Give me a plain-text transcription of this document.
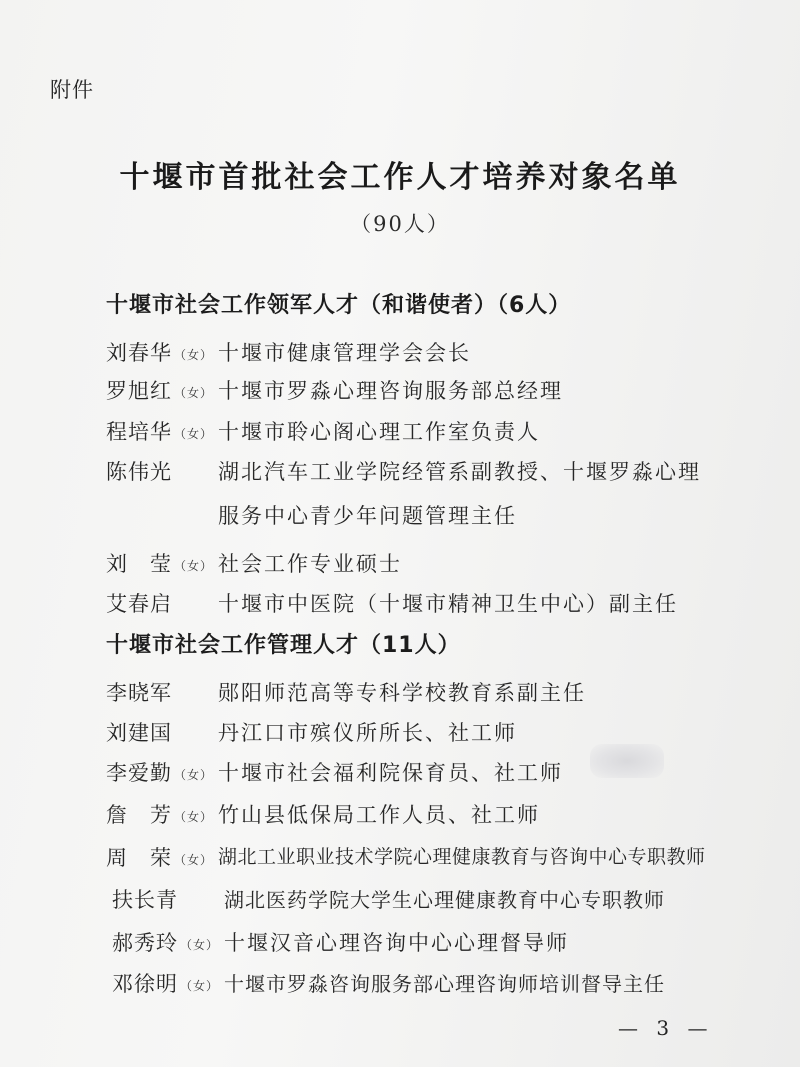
附件
十堰市首批社会工作人才培养对象名单
（90人）
十堰市社会工作领军人才（和谐使者）（6人）
刘春华 （女） 十堰市健康管理学会会长
罗旭红 （女） 十堰市罗淼心理咨询服务部总经理
程培华 （女） 十堰市聆心阁心理工作室负责人
陈伟光 湖北汽车工业学院经管系副教授、十堰罗淼心理
服务中心青少年问题管理主任
刘　莹 （女） 社会工作专业硕士
艾春启 十堰市中医院（十堰市精神卫生中心）副主任
十堰市社会工作管理人才（11人）
李晓军 郧阳师范高等专科学校教育系副主任
刘建国 丹江口市殡仪所所长、社工师
李爱勤 （女） 十堰市社会福利院保育员、社工师
詹　芳 （女） 竹山县低保局工作人员、社工师
周　荣 （女） 湖北工业职业技术学院心理健康教育与咨询中心专职教师
扶长青 湖北医药学院大学生心理健康教育中心专职教师
郝秀玲 （女） 十堰汉音心理咨询中心心理督导师
邓徐明 （女） 十堰市罗淼咨询服务部心理咨询师培训督导主任
— 3 —
